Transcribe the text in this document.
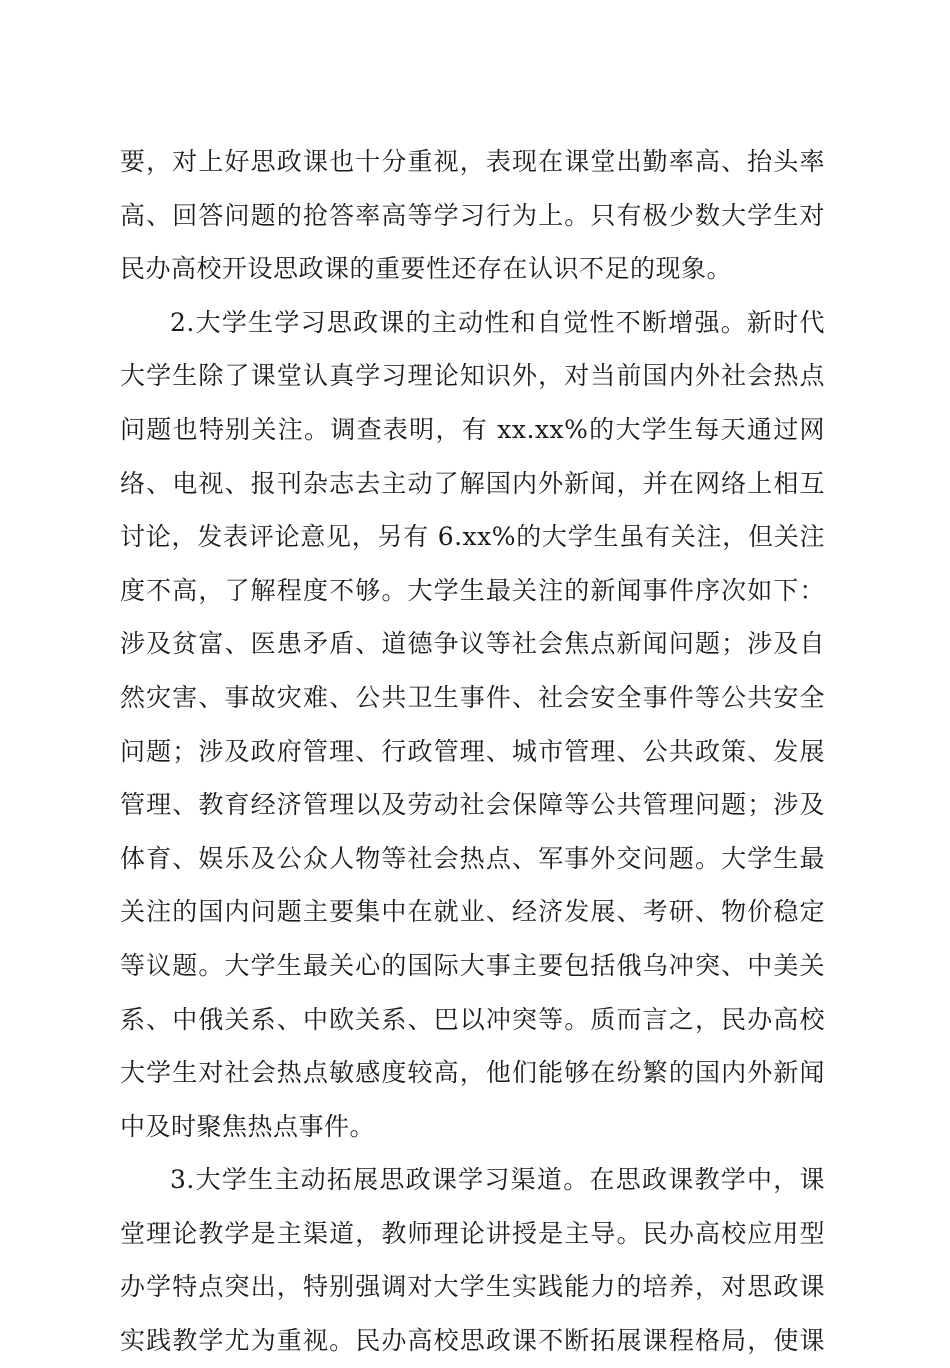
要，对上好思政课也十分重视，表现在课堂出勤率高、抬头率
高、回答问题的抢答率高等学习行为上。只有极少数大学生对
民办高校开设思政课的重要性还存在认识不足的现象。
2.大学生学习思政课的主动性和自觉性不断增强。新时代
大学生除了课堂认真学习理论知识外，对当前国内外社会热点
问题也特别关注。调查表明，有 xx.xx%的大学生每天通过网
络、电视、报刊杂志去主动了解国内外新闻，并在网络上相互
讨论，发表评论意见，另有 6.xx%的大学生虽有关注，但关注
度不高，了解程度不够。大学生最关注的新闻事件序次如下：
涉及贫富、医患矛盾、道德争议等社会焦点新闻问题；涉及自
然灾害、事故灾难、公共卫生事件、社会安全事件等公共安全
问题；涉及政府管理、行政管理、城市管理、公共政策、发展
管理、教育经济管理以及劳动社会保障等公共管理问题；涉及
体育、娱乐及公众人物等社会热点、军事外交问题。大学生最
关注的国内问题主要集中在就业、经济发展、考研、物价稳定
等议题。大学生最关心的国际大事主要包括俄乌冲突、中美关
系、中俄关系、中欧关系、巴以冲突等。质而言之，民办高校
大学生对社会热点敏感度较高，他们能够在纷繁的国内外新闻
中及时聚焦热点事件。
3.大学生主动拓展思政课学习渠道。在思政课教学中，课
堂理论教学是主渠道，教师理论讲授是主导。民办高校应用型
办学特点突出，特别强调对大学生实践能力的培养，对思政课
实践教学尤为重视。民办高校思政课不断拓展课程格局，使课
